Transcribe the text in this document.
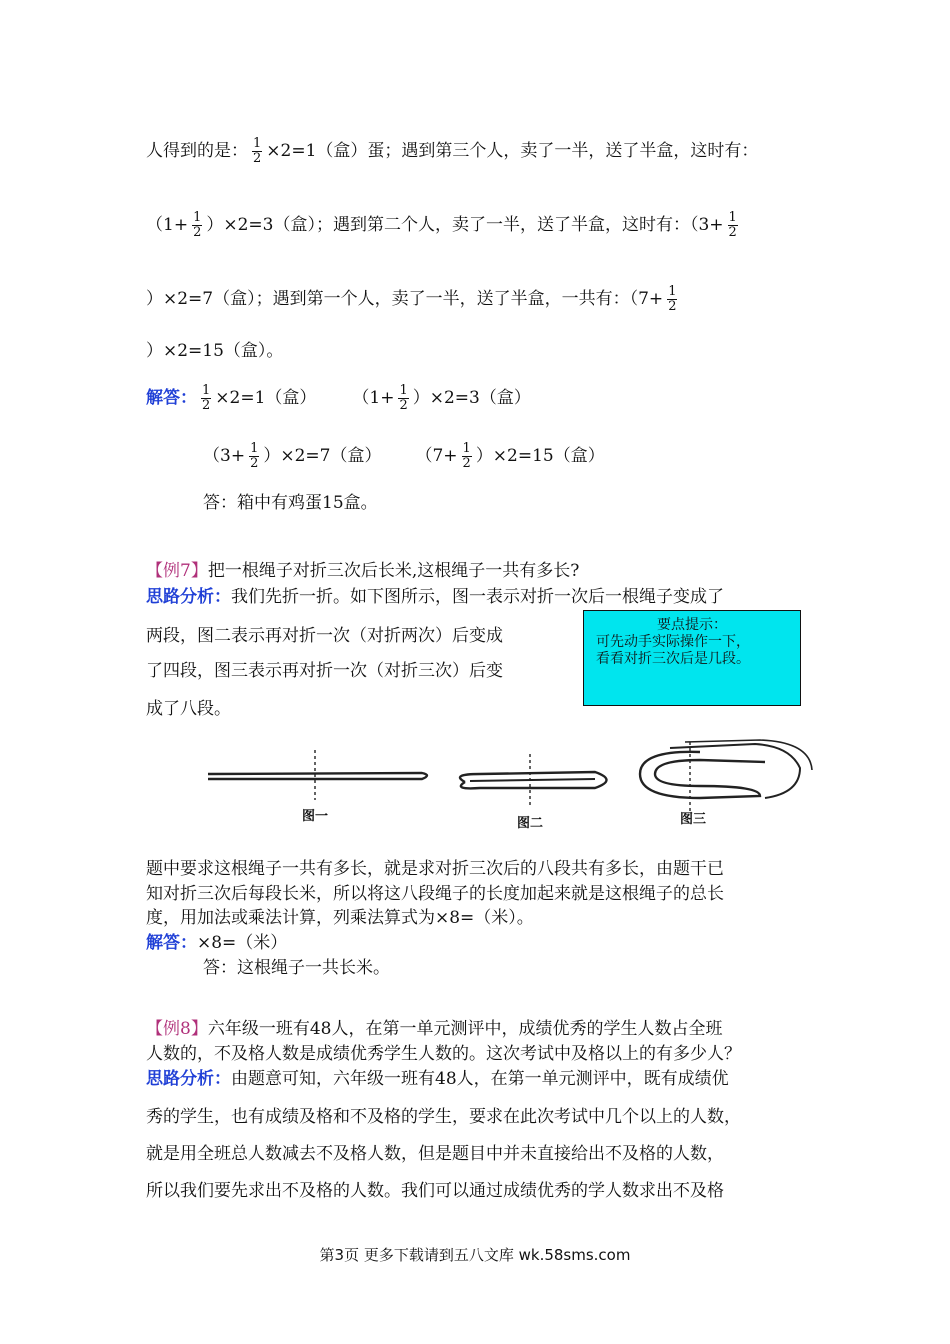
人得到的是： $\frac{1}{2} \times 2=1$（盒）蛋；遇到第三个人，卖了一半，送了半盒，这时有：
$(1+ \frac{1}{2} )\times 2=3$（盒）；遇到第二个人，卖了一半，送了半盒，这时有：（$3+ \frac{1}{2}$
）×2=7（盒）；遇到第一个人，卖了一半，送了半盒，一共有：（$7+ \frac{1}{2}$
）×2=15（盒）。
解答： $\frac{1}{2} \times 2=1$（盒） $(1+ \frac{1}{2} )\times 2=3$（盒）
$(3+ \frac{1}{2} )\times 2=7$（盒） $(7+ \frac{1}{2} )\times 2=15$（盒）
答：箱中有鸡蛋15盒。
【例7】把一根绳子对折三次后长米,这根绳子一共有多长?
思路分析：我们先折一折。如下图所示，图一表示对折一次后一根绳子变成了
两段，图二表示再对折一次（对折两次）后变成
了四段，图三表示再对折一次（对折三次）后变
成了八段。
要点提示：
可先动手实际操作一下，
看看对折三次后是几段。
图一	图二	图三
题中要求这根绳子一共有多长，就是求对折三次后的八段共有多长，由题干已
知对折三次后每段长米，所以将这八段绳子的长度加起来就是这根绳子的总长
度，用加法或乘法计算，列乘法算式为×8=（米）。
解答：×8=（米）
答：这根绳子一共长米。
【例8】六年级一班有48人，在第一单元测评中，成绩优秀的学生人数占全班
人数的，不及格人数是成绩优秀学生人数的。这次考试中及格以上的有多少人？
思路分析：由题意可知，六年级一班有48人，在第一单元测评中，既有成绩优
秀的学生，也有成绩及格和不及格的学生，要求在此次考试中几个以上的人数，
就是用全班总人数减去不及格人数，但是题目中并未直接给出不及格的人数，
所以我们要先求出不及格的人数。我们可以通过成绩优秀的学人数求出不及格
第3页 更多下载请到五八文库 wk.58sms.com
